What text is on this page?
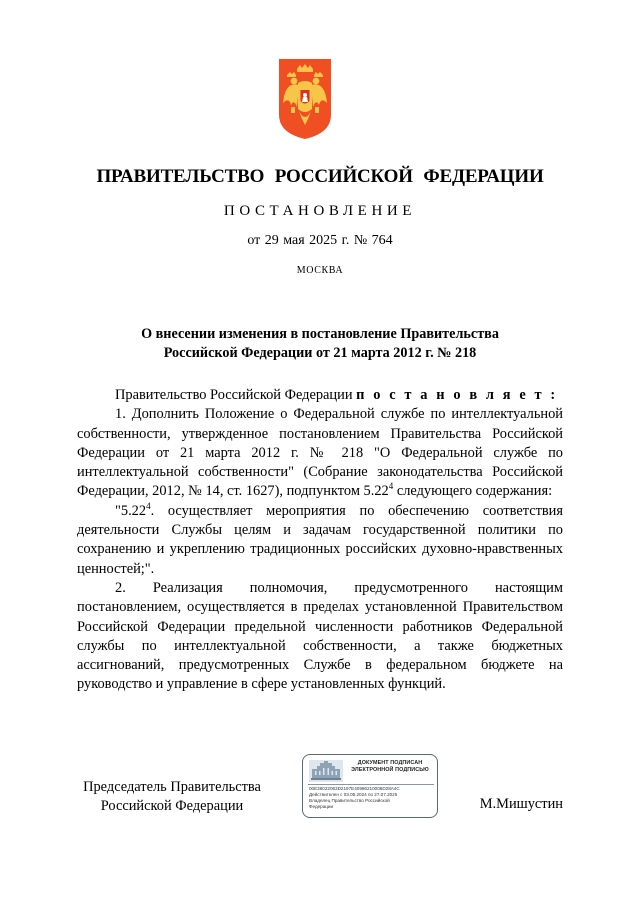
ПРАВИТЕЛЬСТВО РОССИЙСКОЙ ФЕДЕРАЦИИ
ПОСТАНОВЛЕНИЕ
от 29 мая 2025 г. № 764
МОСКВА
О внесении изменения в постановление Правительства
Российской Федерации от 21 марта 2012 г. № 218

Правительство Российской Федерации п о с т а н о в л я е т :

1. Дополнить Положение о Федеральной службе по интеллектуальной собственности, утвержденное постановлением Правительства Российской Федерации от 21 марта 2012 г. № 218 "О Федеральной службе по интеллектуальной собственности" (Собрание законодательства Российской Федерации, 2012, № 14, ст. 1627), подпунктом 5.22$^4$ следующего содержания:

"5.22$^4$. осуществляет мероприятия по обеспечению соответствия деятельности Службы целям и задачам государственной политики по сохранению и укреплению традиционных российских духовно-нравственных ценностей;".

2. Реализация полномочия, предусмотренного настоящим постановлением, осуществляется в пределах установленной Правительством Российской Федерации предельной численности работников Федеральной службы по интеллектуальной собственности, а также бюджетных ассигнований, предусмотренных Службе в федеральном бюджете на руководство и управление в сфере установленных функций.

Председатель Правительства
Российской Федерации
ДОКУМЕНТ ПОДПИСАН
ЭЛЕКТРОННОЙ ПОДПИСЬЮ
00E36022063D2197E40986210006D28A4C
Действителен с 03.05.2024 по 27.07.2025
Владелец Правительство Российской
Федерации	М.Мишустин
